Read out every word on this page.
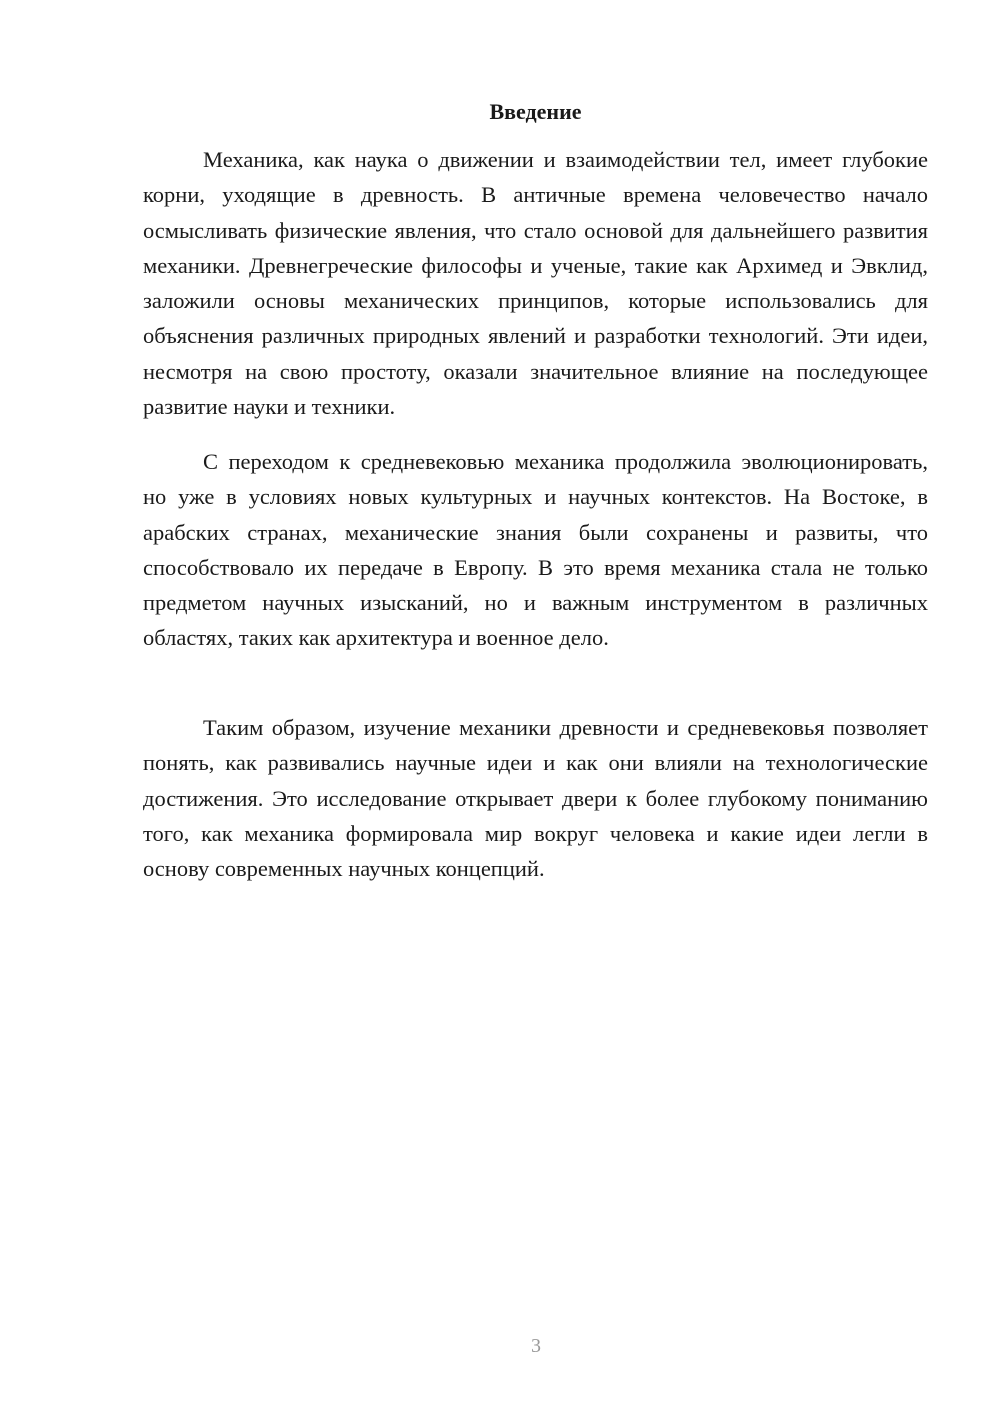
Введение

Механика, как наука о движении и взаимодействии тел, имеет глубокие корни, уходящие в древность. В античные времена человечество начало осмысливать физические явления, что стало основой для дальнейшего развития механики. Древнегреческие философы и ученые, такие как Архимед и Эвклид, заложили основы механических принципов, которые использовались для объяснения различных природных явлений и разработки технологий. Эти идеи, несмотря на свою простоту, оказали значительное влияние на последующее развитие науки и техники.

С переходом к средневековью механика продолжила эволюционировать, но уже в условиях новых культурных и научных контекстов. На Востоке, в арабских странах, механические знания были сохранены и развиты, что способствовало их передаче в Европу. В это время механика стала не только предметом научных изысканий, но и важным инструментом в различных областях, таких как архитектура и военное дело.

Таким образом, изучение механики древности и средневековья позволяет понять, как развивались научные идеи и как они влияли на технологические достижения. Это исследование открывает двери к более глубокому пониманию того, как механика формировала мир вокруг человека и какие идеи легли в основу современных научных концепций.

3
